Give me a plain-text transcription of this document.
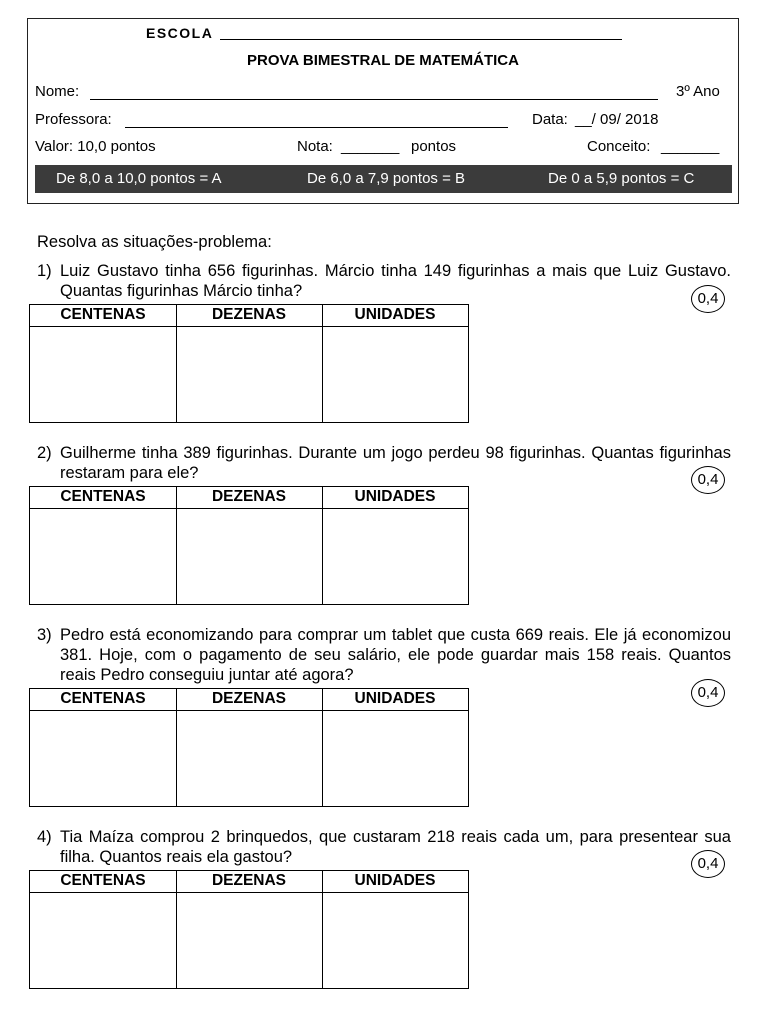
ESCOLA
PROVA BIMESTRAL DE MATEMÁTICA
Nome:	3º Ano
Professora:	Data: __/ 09/ 2018
Valor: 10,0 pontos	Nota: _______ pontos	Conceito: _______
De 8,0 a 10,0 pontos = A	De 6,0 a 7,9 pontos = B	De 0 a 5,9 pontos = C
Resolva as situações-problema:
1) Luiz Gustavo tinha 656 figurinhas. Márcio tinha 149 figurinhas a mais que Luiz Gustavo. Quantas figurinhas Márcio tinha?	0,4
CENTENAS	DEZENAS	UNIDADES
2) Guilherme tinha 389 figurinhas. Durante um jogo perdeu 98 figurinhas. Quantas figurinhas restaram para ele?	0,4
CENTENAS	DEZENAS	UNIDADES
3) Pedro está economizando para comprar um tablet que custa 669 reais. Ele já economizou 381. Hoje, com o pagamento de seu salário, ele pode guardar mais 158 reais. Quantos reais Pedro conseguiu juntar até agora?
0,4
CENTENAS	DEZENAS	UNIDADES
4) Tia Maíza comprou 2 brinquedos, que custaram 218 reais cada um, para presentear sua filha. Quantos reais ela gastou?	0,4
CENTENAS	DEZENAS	UNIDADES
